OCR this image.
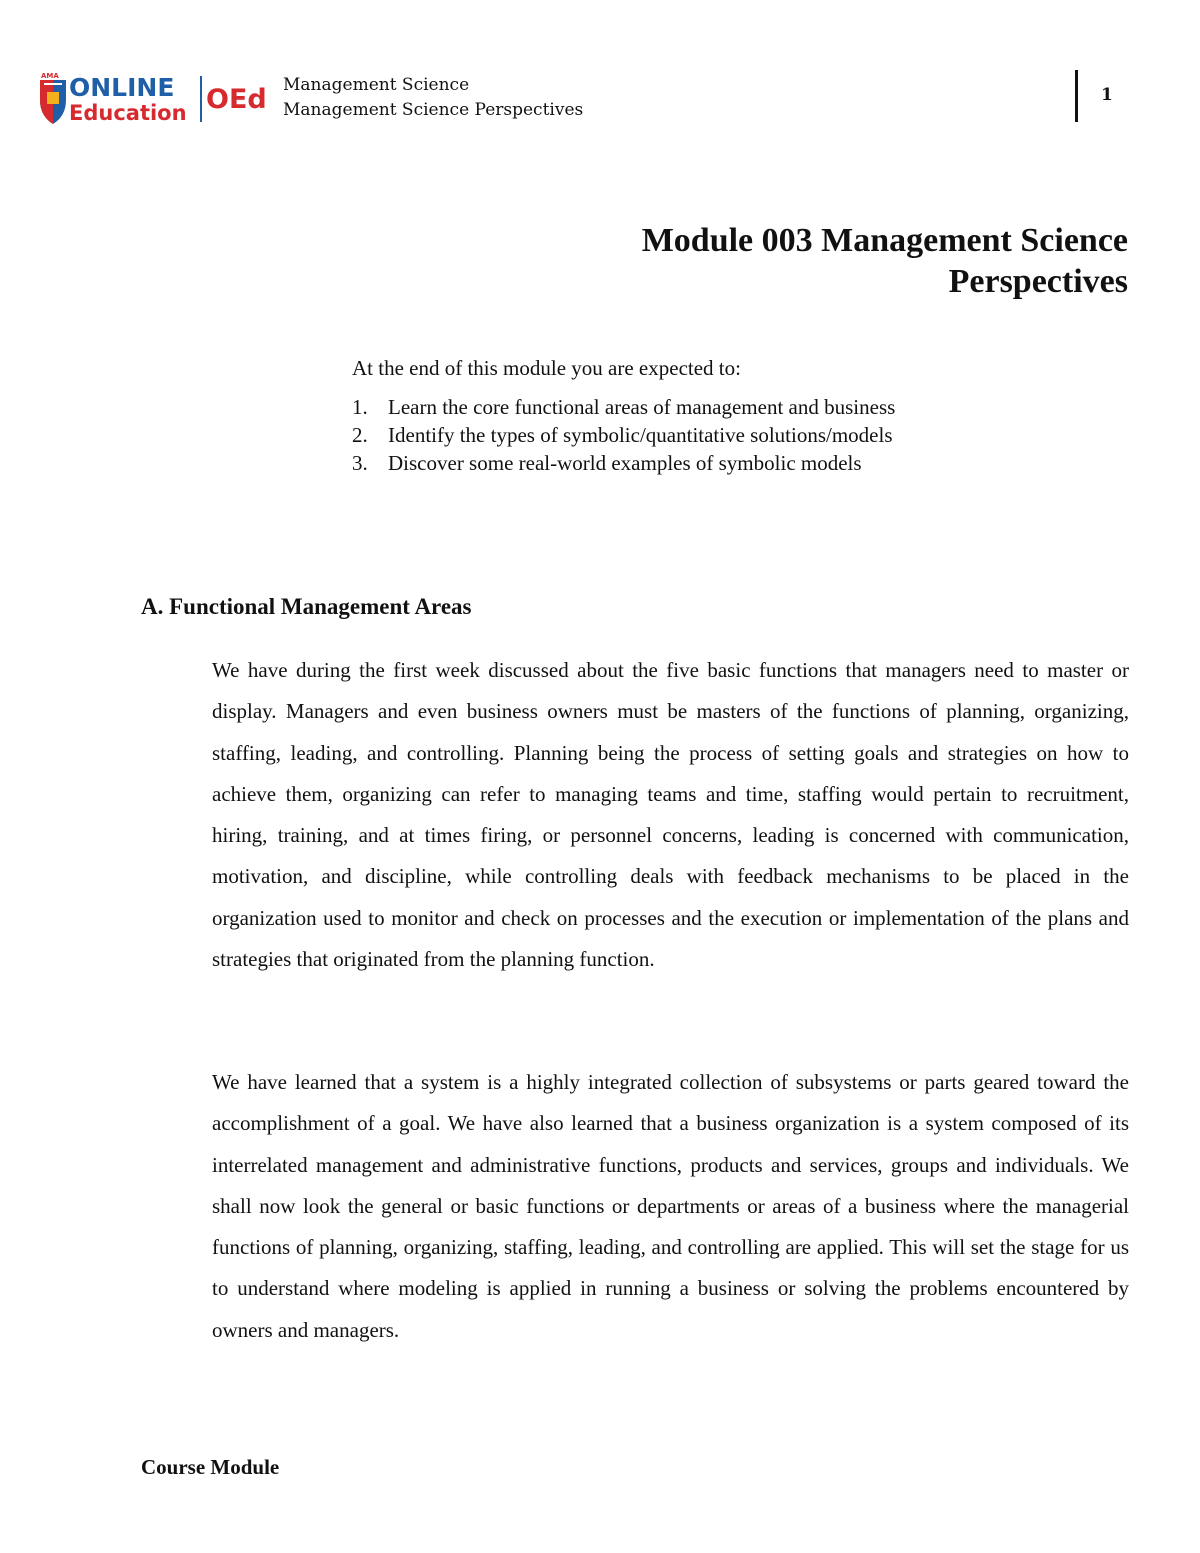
AMA ONLINE
Education OEd Management Science
Management Science Perspectives
1
Module 003 Management Science
Perspectives

At the end of this module you are expected to:

1. Learn the core functional areas of management and business
2. Identify the types of symbolic/quantitative solutions/models
3. Discover some real-world examples of symbolic models
A. Functional Management Areas

We have during the first week discussed about the five basic functions that managers need to master or display. Managers and even business owners must be masters of the functions of planning, organizing, staffing, leading, and controlling. Planning being the process of setting goals and strategies on how to achieve them, organizing can refer to managing teams and time, staffing would pertain to recruitment, hiring, training, and at times firing, or personnel concerns, leading is concerned with communication, motivation, and discipline, while controlling deals with feedback mechanisms to be placed in the organization used to monitor and check on processes and the execution or implementation of the plans and strategies that originated from the planning function.

We have learned that a system is a highly integrated collection of subsystems or parts geared toward the accomplishment of a goal. We have also learned that a business organization is a system composed of its interrelated management and administrative functions, products and services, groups and individuals. We shall now look the general or basic functions or departments or areas of a business where the managerial functions of planning, organizing, staffing, leading, and controlling are applied. This will set the stage for us to understand where modeling is applied in running a business or solving the problems encountered by owners and managers.

Course Module
